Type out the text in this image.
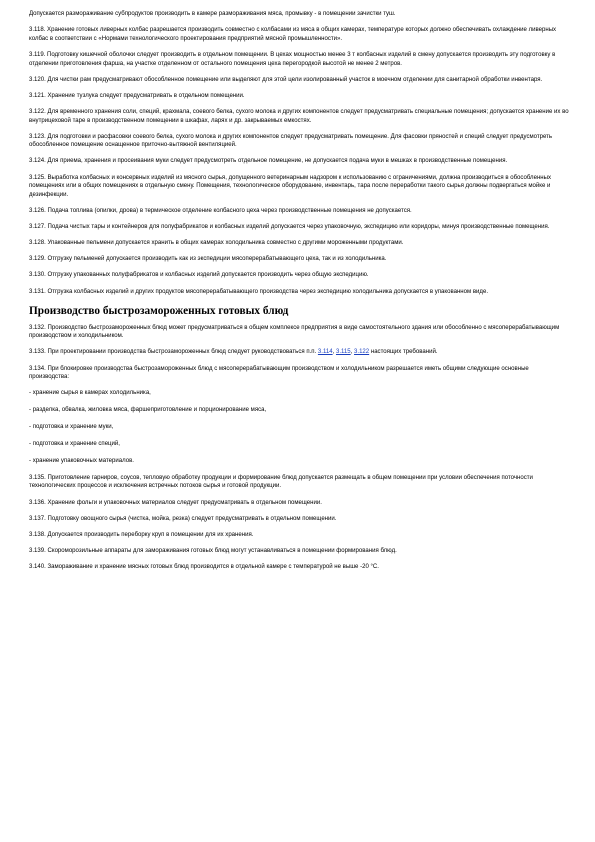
Допускается размораживание субпродуктов производить в камере размораживания мяса, промывку - в помещении зачистки туш.

3.118. Хранение готовых ливерных колбас разрешается производить совместно с колбасами из мяса в общих камерах, температуре которых должно обеспечивать охлаждение ливерных колбас в соответствии с «Нормами технологического проектирования предприятий мясной промышленности».

3.119. Подготовку кишечной оболочки следует производить в отдельном помещении. В цехах мощностью менее 3 т колбасных изделий в смену допускается производить эту подготовку в отделении приготовления фарша, на участке отделенном от остального помещения цеха перегородкой высотой не менее 2 метров.

3.120. Для чистки рам предусматривают обособленное помещение или выделяют для этой цели изолированный участок в моечном отделении для санитарной обработки инвентаря.

3.121. Хранение тузлука следует предусматривать в отдельном помещении.

3.122. Для временного хранения соли, специй, крахмала, соевого белка, сухого молока и других компонентов следует предусматривать специальные помещения; допускается хранение их во внутрицеховой таре в производственном помещении в шкафах, ларях и др. закрываемых емкостях.

3.123. Для подготовки и расфасовки соевого белка, сухого молока и других компонентов следует предусматривать помещение. Для фасовки пряностей и специй следует предусмотреть обособленное помещение оснащенное приточно-вытяжной вентиляцией.

3.124. Для приема, хранения и просеивания муки следует предусмотреть отдельное помещение, не допускается подача муки в мешках в производственные помещения.

3.125. Выработка колбасных и консервных изделий из мясного сырья, допущенного ветеринарным надзором к использованию с ограничениями, должна производиться в обособленных помещениях или в общих помещениях в отдельную смену. Помещения, технологическое оборудование, инвентарь, тара после переработки такого сырья должны подвергаться мойке и дезинфекции.

3.126. Подача топлива (опилки, дрова) в термическое отделение колбасного цеха через производственные помещения не допускается.

3.127. Подача чистых тары и контейнеров для полуфабрикатов и колбасных изделий допускается через упаковочную, экспедицию или коридоры, минуя производственные помещения.

3.128. Упакованные пельмени допускается хранить в общих камерах холодильника совместно с другими мороженными продуктами.

3.129. Отгрузку пельменей допускается производить как из экспедиции мясоперерабатывающего цеха, так и из холодильника.

3.130. Отгрузку упакованных полуфабрикатов и колбасных изделий допускается производить через общую экспедицию.

3.131. Отгрузка колбасных изделий и других продуктов мясоперерабатывающего производства через экспедицию холодильника допускается в упакованном виде.

Производство быстрозамороженных готовых блюд

3.132. Производство быстрозамороженных блюд может предусматриваться в общем комплексе предприятия в виде самостоятельного здания или обособленно с мясоперерабатывающим производством и холодильником.

3.133. При проектировании производства быстрозамороженных блюд следует руководствоваться п.п. 3.114, 3.115, 3.122 настоящих требований.

3.134. При блокировке производства быстрозамороженных блюд с мясоперерабатывающим производством и холодильником разрешается иметь общими следующие основные производства:

- хранение сырья в камерах холодильника,

- разделка, обвалка, жиловка мяса, фаршеприготовление и порционирование мяса,

- подготовка и хранение муки,

- подготовка и хранение специй,

- хранение упаковочных материалов.

3.135. Приготовление гарниров, соусов, тепловую обработку продукции и формирование блюд допускается размещать в общем помещении при условии обеспечения поточности технологических процессов и исключения встречных потоков сырья и готовой продукции.

3.136. Хранение фольги и упаковочных материалов следует предусматривать в отдельном помещении.

3.137. Подготовку овощного сырья (чистка, мойка, резка) следует предусматривать в отдельном помещении.

3.138. Допускается производить переборку круп в помещении для их хранения.

3.139. Скороморозильные аппараты для замораживания готовых блюд могут устанавливаться в помещении формирования блюд.

3.140. Замораживание и хранение мясных готовых блюд производится в отдельной камере с температурой не выше -20 °С.
